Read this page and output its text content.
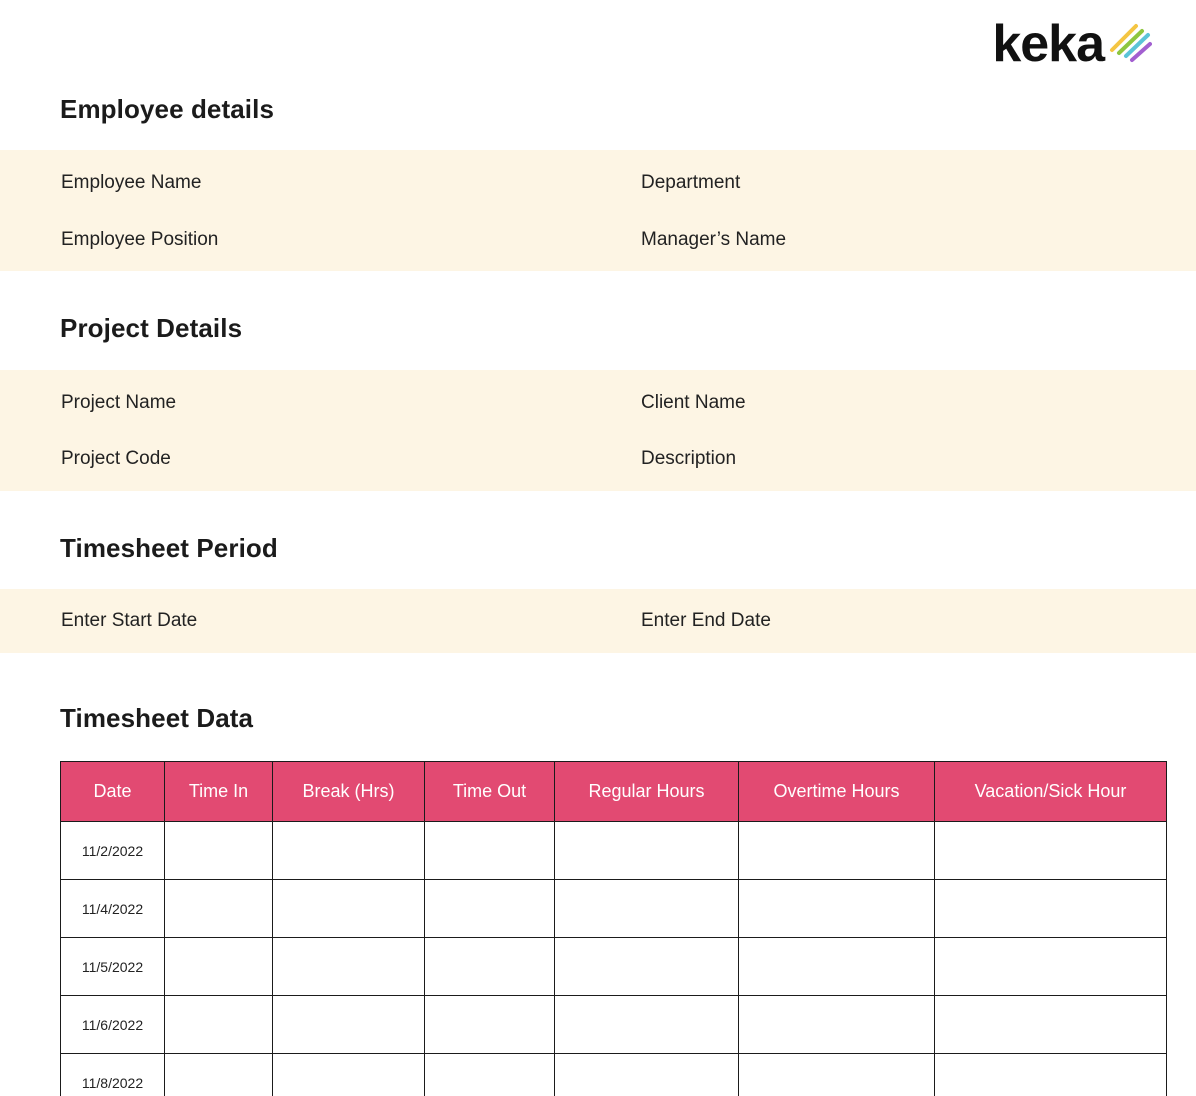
keka
Employee details
Employee Name	Department
Employee Position	Manager’s Name
Project Details
Project Name	Client Name
Project Code	Description
Timesheet Period
Enter Start Date	Enter End Date
Timesheet Data
Date	Time In	Break (Hrs)	Time Out	Regular Hours	Overtime Hours	Vacation/Sick Hour
11/2/2022						
11/4/2022						
11/5/2022						
11/6/2022						
11/8/2022						
